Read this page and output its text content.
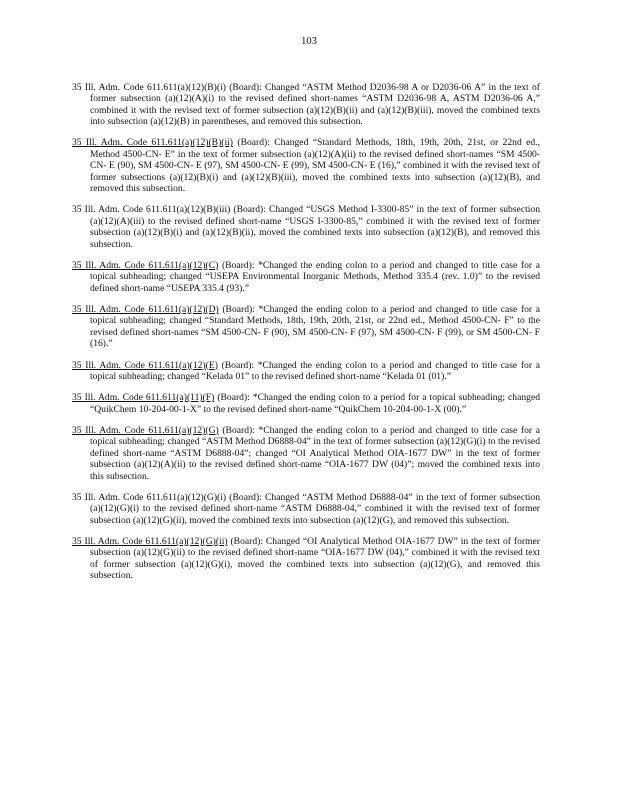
103

35 Ill. Adm. Code 611.611(a)(12)(B)(i) (Board): Changed “ASTM Method D2036-98 A or D2036-06 A” in the text of former subsection (a)(12)(A)(i) to the revised defined short-names “ASTM D2036-98 A, ASTM D2036-06 A,” combined it with the revised text of former subsection (a)(12)(B)(ii) and (a)(12)(B)(iii), moved the combined texts into subsection (a)(12)(B) in parentheses, and removed this subsection.

35 Ill. Adm. Code 611.611(a)(12)(B)(ii) (Board): Changed “Standard Methods, 18th, 19th, 20th, 21st, or 22nd ed., Method 4500-CN- E” in the text of former subsection (a)(12)(A)(ii) to the revised defined short-names “SM 4500-CN- E (90), SM 4500-CN- E (97), SM 4500-CN- E (99), SM 4500-CN- E (16),” combined it with the revised text of former subsections (a)(12)(B)(i) and (a)(12)(B)(iii), moved the combined texts into subsection (a)(12)(B), and removed this subsection.

35 Ill. Adm. Code 611.611(a)(12)(B)(iii) (Board): Changed “USGS Method I-3300-85” in the text of former subsection (a)(12)(A)(iii) to the revised defined short-name “USGS I-3300-85,” combined it with the revised text of former subsection (a)(12)(B)(i) and (a)(12)(B)(ii), moved the combined texts into subsection (a)(12)(B), and removed this subsection.

35 Ill. Adm. Code 611.611(a)(12)(C) (Board): *Changed the ending colon to a period and changed to title case for a topical subheading; changed “USEPA Environmental Inorganic Methods, Method 335.4 (rev. 1.0)” to the revised defined short-name “USEPA 335.4 (93).”

35 Ill. Adm. Code 611.611(a)(12)(D) (Board): *Changed the ending colon to a period and changed to title case for a topical subheading; changed “Standard Methods, 18th, 19th, 20th, 21st, or 22nd ed., Method 4500-CN- F” to the revised defined short-names “SM 4500-CN- F (90), SM 4500-CN- F (97), SM 4500-CN- F (99), or SM 4500-CN- F (16).”

35 Ill. Adm. Code 611.611(a)(12)(E) (Board): *Changed the ending colon to a period and changed to title case for a topical subheading; changed “Kelada 01” to the revised defined short-name “Kelada 01 (01).”

35 Ill. Adm. Code 611.611(a)(11)(F) (Board): *Changed the ending colon to a period for a topical subheading; changed “QuikChem 10-204-00-1-X” to the revised defined short-name “QuikChem 10-204-00-1-X (00).”

35 Ill. Adm. Code 611.611(a)(12)(G) (Board): *Changed the ending colon to a period and changed to title case for a topical subheading; changed “ASTM Method D6888-04” in the text of former subsection (a)(12)(G)(i) to the revised defined short-name “ASTM D6888-04”; changed “OI Analytical Method OIA-1677 DW” in the text of former subsection (a)(12)(A)(ii) to the revised defined short-name “OIA-1677 DW (04)”; moved the combined texts into this subsection.

35 Ill. Adm. Code 611.611(a)(12)(G)(i) (Board): Changed “ASTM Method D6888-04” in the text of former subsection (a)(12)(G)(i) to the revised defined short-name “ASTM D6888-04,” combined it with the revised text of former subsection (a)(12)(G)(ii), moved the combined texts into subsection (a)(12)(G), and removed this subsection.

35 Ill. Adm. Code 611.611(a)(12)(G)(ii) (Board): Changed “OI Analytical Method OIA-1677 DW” in the text of former subsection (a)(12)(G)(ii) to the revised defined short-name “OIA-1677 DW (04),” combined it with the revised text of former subsection (a)(12)(G)(i), moved the combined texts into subsection (a)(12)(G), and removed this subsection.
